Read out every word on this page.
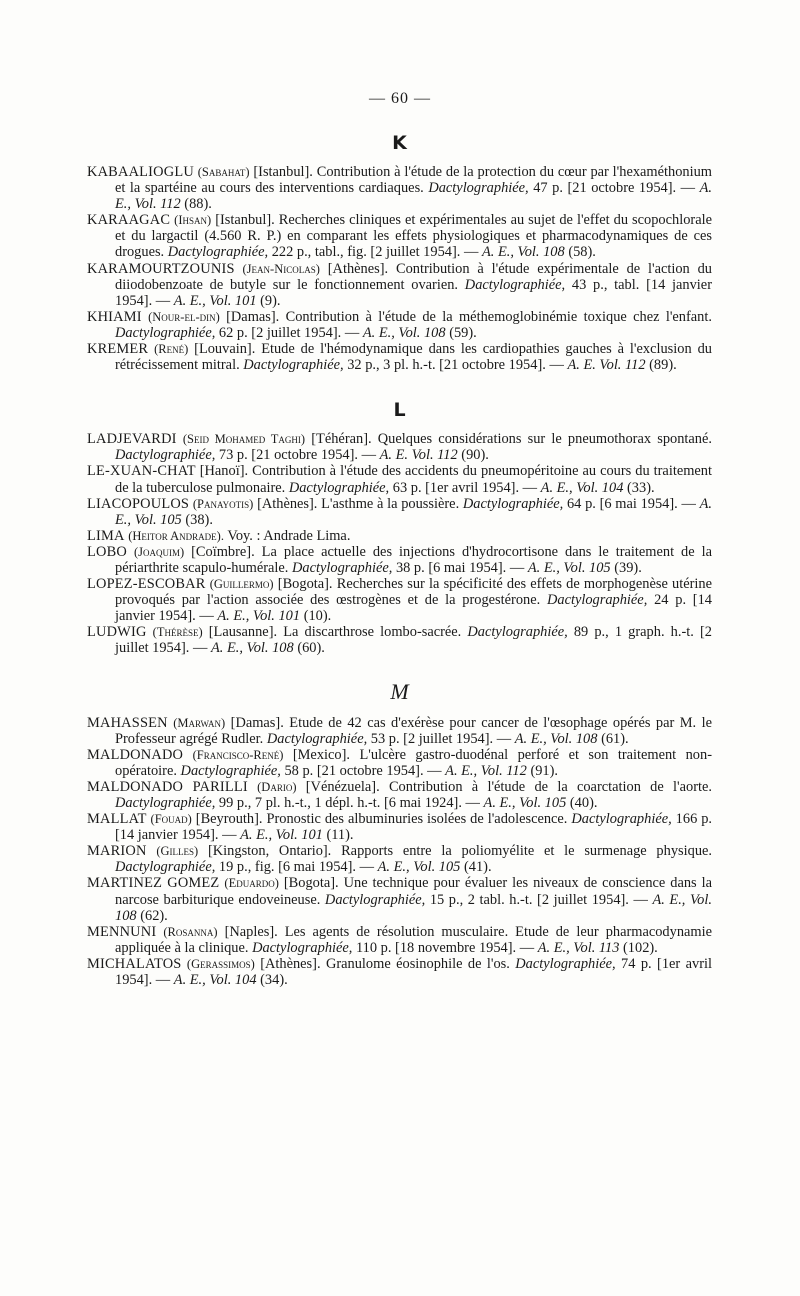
— 60 —
K

KABAALIOGLU (Sabahat) [Istanbul]. Contribution à l'étude de la protection du cœur par l'hexaméthonium et la spartéine au cours des interventions cardiaques. Dactylographiée, 47 p. [21 octobre 1954]. — A. E., Vol. 112 (88).

KARAAGAC (Ihsan) [Istanbul]. Recherches cliniques et expérimentales au sujet de l'effet du scopochlorale et du largactil (4.560 R. P.) en comparant les effets physiologiques et pharmacodynamiques de ces drogues. Dactylographiée, 222 p., tabl., fig. [2 juillet 1954]. — A. E., Vol. 108 (58).

KARAMOURTZOUNIS (Jean-Nicolas) [Athènes]. Contribution à l'étude expérimentale de l'action du diiodobenzoate de butyle sur le fonctionnement ovarien. Dactylographiée, 43 p., tabl. [14 janvier 1954]. — A. E., Vol. 101 (9).

KHIAMI (Nour-el-din) [Damas]. Contribution à l'étude de la méthemoglobinémie toxique chez l'enfant. Dactylographiée, 62 p. [2 juillet 1954]. — A. E., Vol. 108 (59).

KREMER (René) [Louvain]. Etude de l'hémodynamique dans les cardiopathies gauches à l'exclusion du rétrécissement mitral. Dactylographiée, 32 p., 3 pl. h.-t. [21 octobre 1954]. — A. E. Vol. 112 (89).

L

LADJEVARDI (Seid Mohamed Taghi) [Téhéran]. Quelques considérations sur le pneumothorax spontané. Dactylographiée, 73 p. [21 octobre 1954]. — A. E. Vol. 112 (90).

LE-XUAN-CHAT [Hanoï]. Contribution à l'étude des accidents du pneumopéritoine au cours du traitement de la tuberculose pulmonaire. Dactylographiée, 63 p. [1er avril 1954]. — A. E., Vol. 104 (33).

LIACOPOULOS (Panayotis) [Athènes]. L'asthme à la poussière. Dactylographiée, 64 p. [6 mai 1954]. — A. E., Vol. 105 (38).

LIMA (Heitor Andrade). Voy. : Andrade Lima.

LOBO (Joaquim) [Coïmbre]. La place actuelle des injections d'hydrocortisone dans le traitement de la périarthrite scapulo-humérale. Dactylographiée, 38 p. [6 mai 1954]. — A. E., Vol. 105 (39).

LOPEZ-ESCOBAR (Guillermo) [Bogota]. Recherches sur la spécificité des effets de morphogenèse utérine provoqués par l'action associée des œstrogènes et de la progestérone. Dactylographiée, 24 p. [14 janvier 1954]. — A. E., Vol. 101 (10).

LUDWIG (Thérèse) [Lausanne]. La discarthrose lombo-sacrée. Dactylographiée, 89 p., 1 graph. h.-t. [2 juillet 1954]. — A. E., Vol. 108 (60).

M

MAHASSEN (Marwan) [Damas]. Etude de 42 cas d'exérèse pour cancer de l'œsophage opérés par M. le Professeur agrégé Rudler. Dactylographiée, 53 p. [2 juillet 1954]. — A. E., Vol. 108 (61).

MALDONADO (Francisco-René) [Mexico]. L'ulcère gastro-duodénal perforé et son traitement non-opératoire. Dactylographiée, 58 p. [21 octobre 1954]. — A. E., Vol. 112 (91).

MALDONADO PARILLI (Dario) [Vénézuela]. Contribution à l'étude de la coarctation de l'aorte. Dactylographiée, 99 p., 7 pl. h.-t., 1 dépl. h.-t. [6 mai 1924]. — A. E., Vol. 105 (40).

MALLAT (Fouad) [Beyrouth]. Pronostic des albuminuries isolées de l'adolescence. Dactylographiée, 166 p. [14 janvier 1954]. — A. E., Vol. 101 (11).

MARION (Gilles) [Kingston, Ontario]. Rapports entre la poliomyélite et le surmenage physique. Dactylographiée, 19 p., fig. [6 mai 1954]. — A. E., Vol. 105 (41).

MARTINEZ GOMEZ (Eduardo) [Bogota]. Une technique pour évaluer les niveaux de conscience dans la narcose barbiturique endoveineuse. Dactylographiée, 15 p., 2 tabl. h.-t. [2 juillet 1954]. — A. E., Vol. 108 (62).

MENNUNI (Rosanna) [Naples]. Les agents de résolution musculaire. Etude de leur pharmacodynamie appliquée à la clinique. Dactylographiée, 110 p. [18 novembre 1954]. — A. E., Vol. 113 (102).

MICHALATOS (Gerassimos) [Athènes]. Granulome éosinophile de l'os. Dactylographiée, 74 p. [1er avril 1954]. — A. E., Vol. 104 (34).
